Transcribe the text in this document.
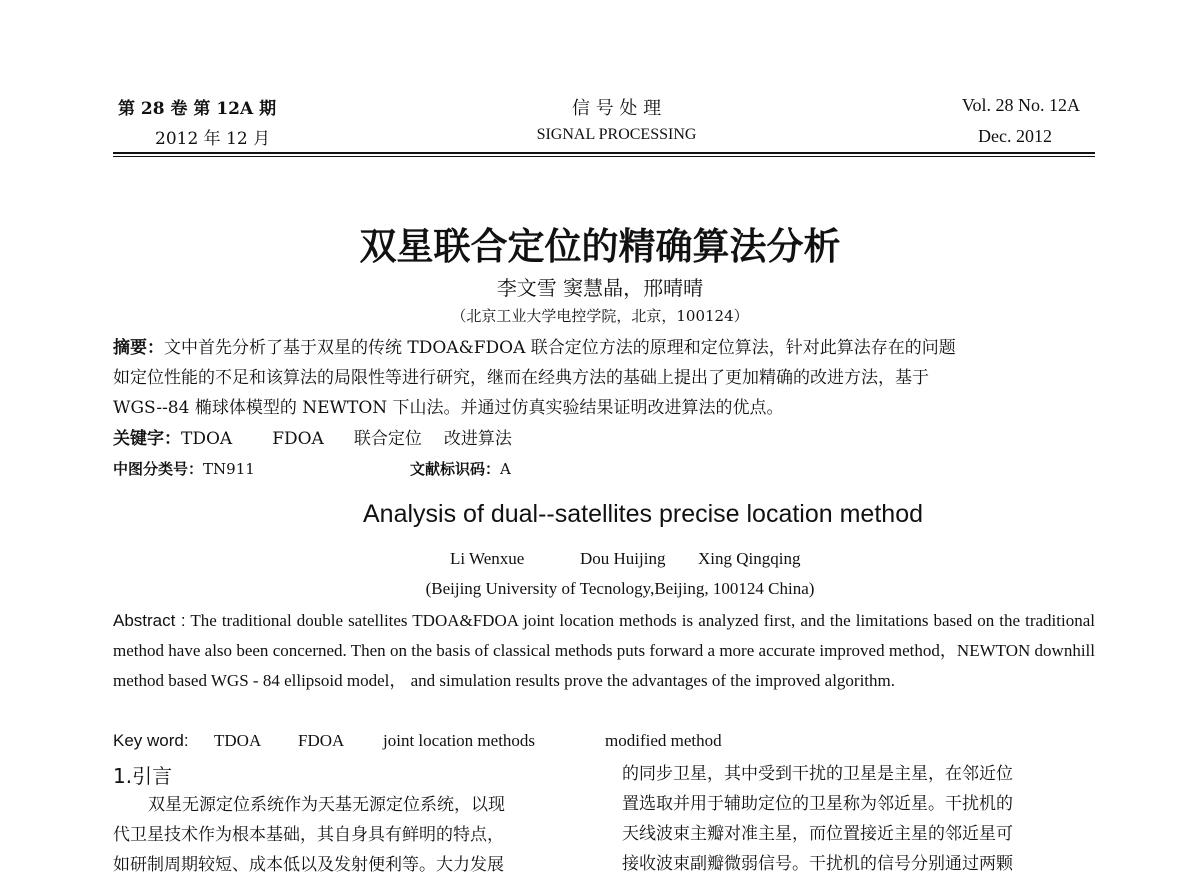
第 28 卷 第 12A 期
2012 年 12 月
信 号 处 理
SIGNAL PROCESSING
Vol. 28 No. 12A
Dec. 2012
双星联合定位的精确算法分析
李文雪 窦慧晶，邢晴晴
（北京工业大学电控学院，北京，100124）
摘要：文中首先分析了基于双星的传统 TDOA&FDOA 联合定位方法的原理和定位算法，针对此算法存在的问题
如定位性能的不足和该算法的局限性等进行研究，继而在经典方法的基础上提出了更加精确的改进方法，基于
WGS--84 椭球体模型的 NEWTON 下山法。并通过仿真实验结果证明改进算法的优点。
关键字：TDOA FDOA 联合定位 改进算法
中图分类号：TN911	文献标识码：A
Analysis of dual--satellites precise location method
Li Wenxue	Dou Huijing Xing Qingqing
(Beijing University of Tecnology,Beijing, 100124 China)
Abstract : The traditional double satellites TDOA&FDOA joint location methods is analyzed first, and the limitations based on the traditional method have also been concerned. Then on the basis of classical methods puts forward a more accurate improved method，NEWTON downhill method based WGS - 84 ellipsoid model， and simulation results prove the advantages of the improved algorithm.
Key word: TDOA FDOA joint location methods	modified method
1.引言
双星无源定位系统作为天基无源定位系统，以现
代卫星技术作为根本基础，其自身具有鲜明的特点，
如研制周期较短、成本低以及发射便利等。大力发展
的同步卫星，其中受到干扰的卫星是主星，在邻近位
置选取并用于辅助定位的卫星称为邻近星。干扰机的
天线波束主瓣对准主星，而位置接近主星的邻近星可
接收波束副瓣微弱信号。干扰机的信号分别通过两颗
